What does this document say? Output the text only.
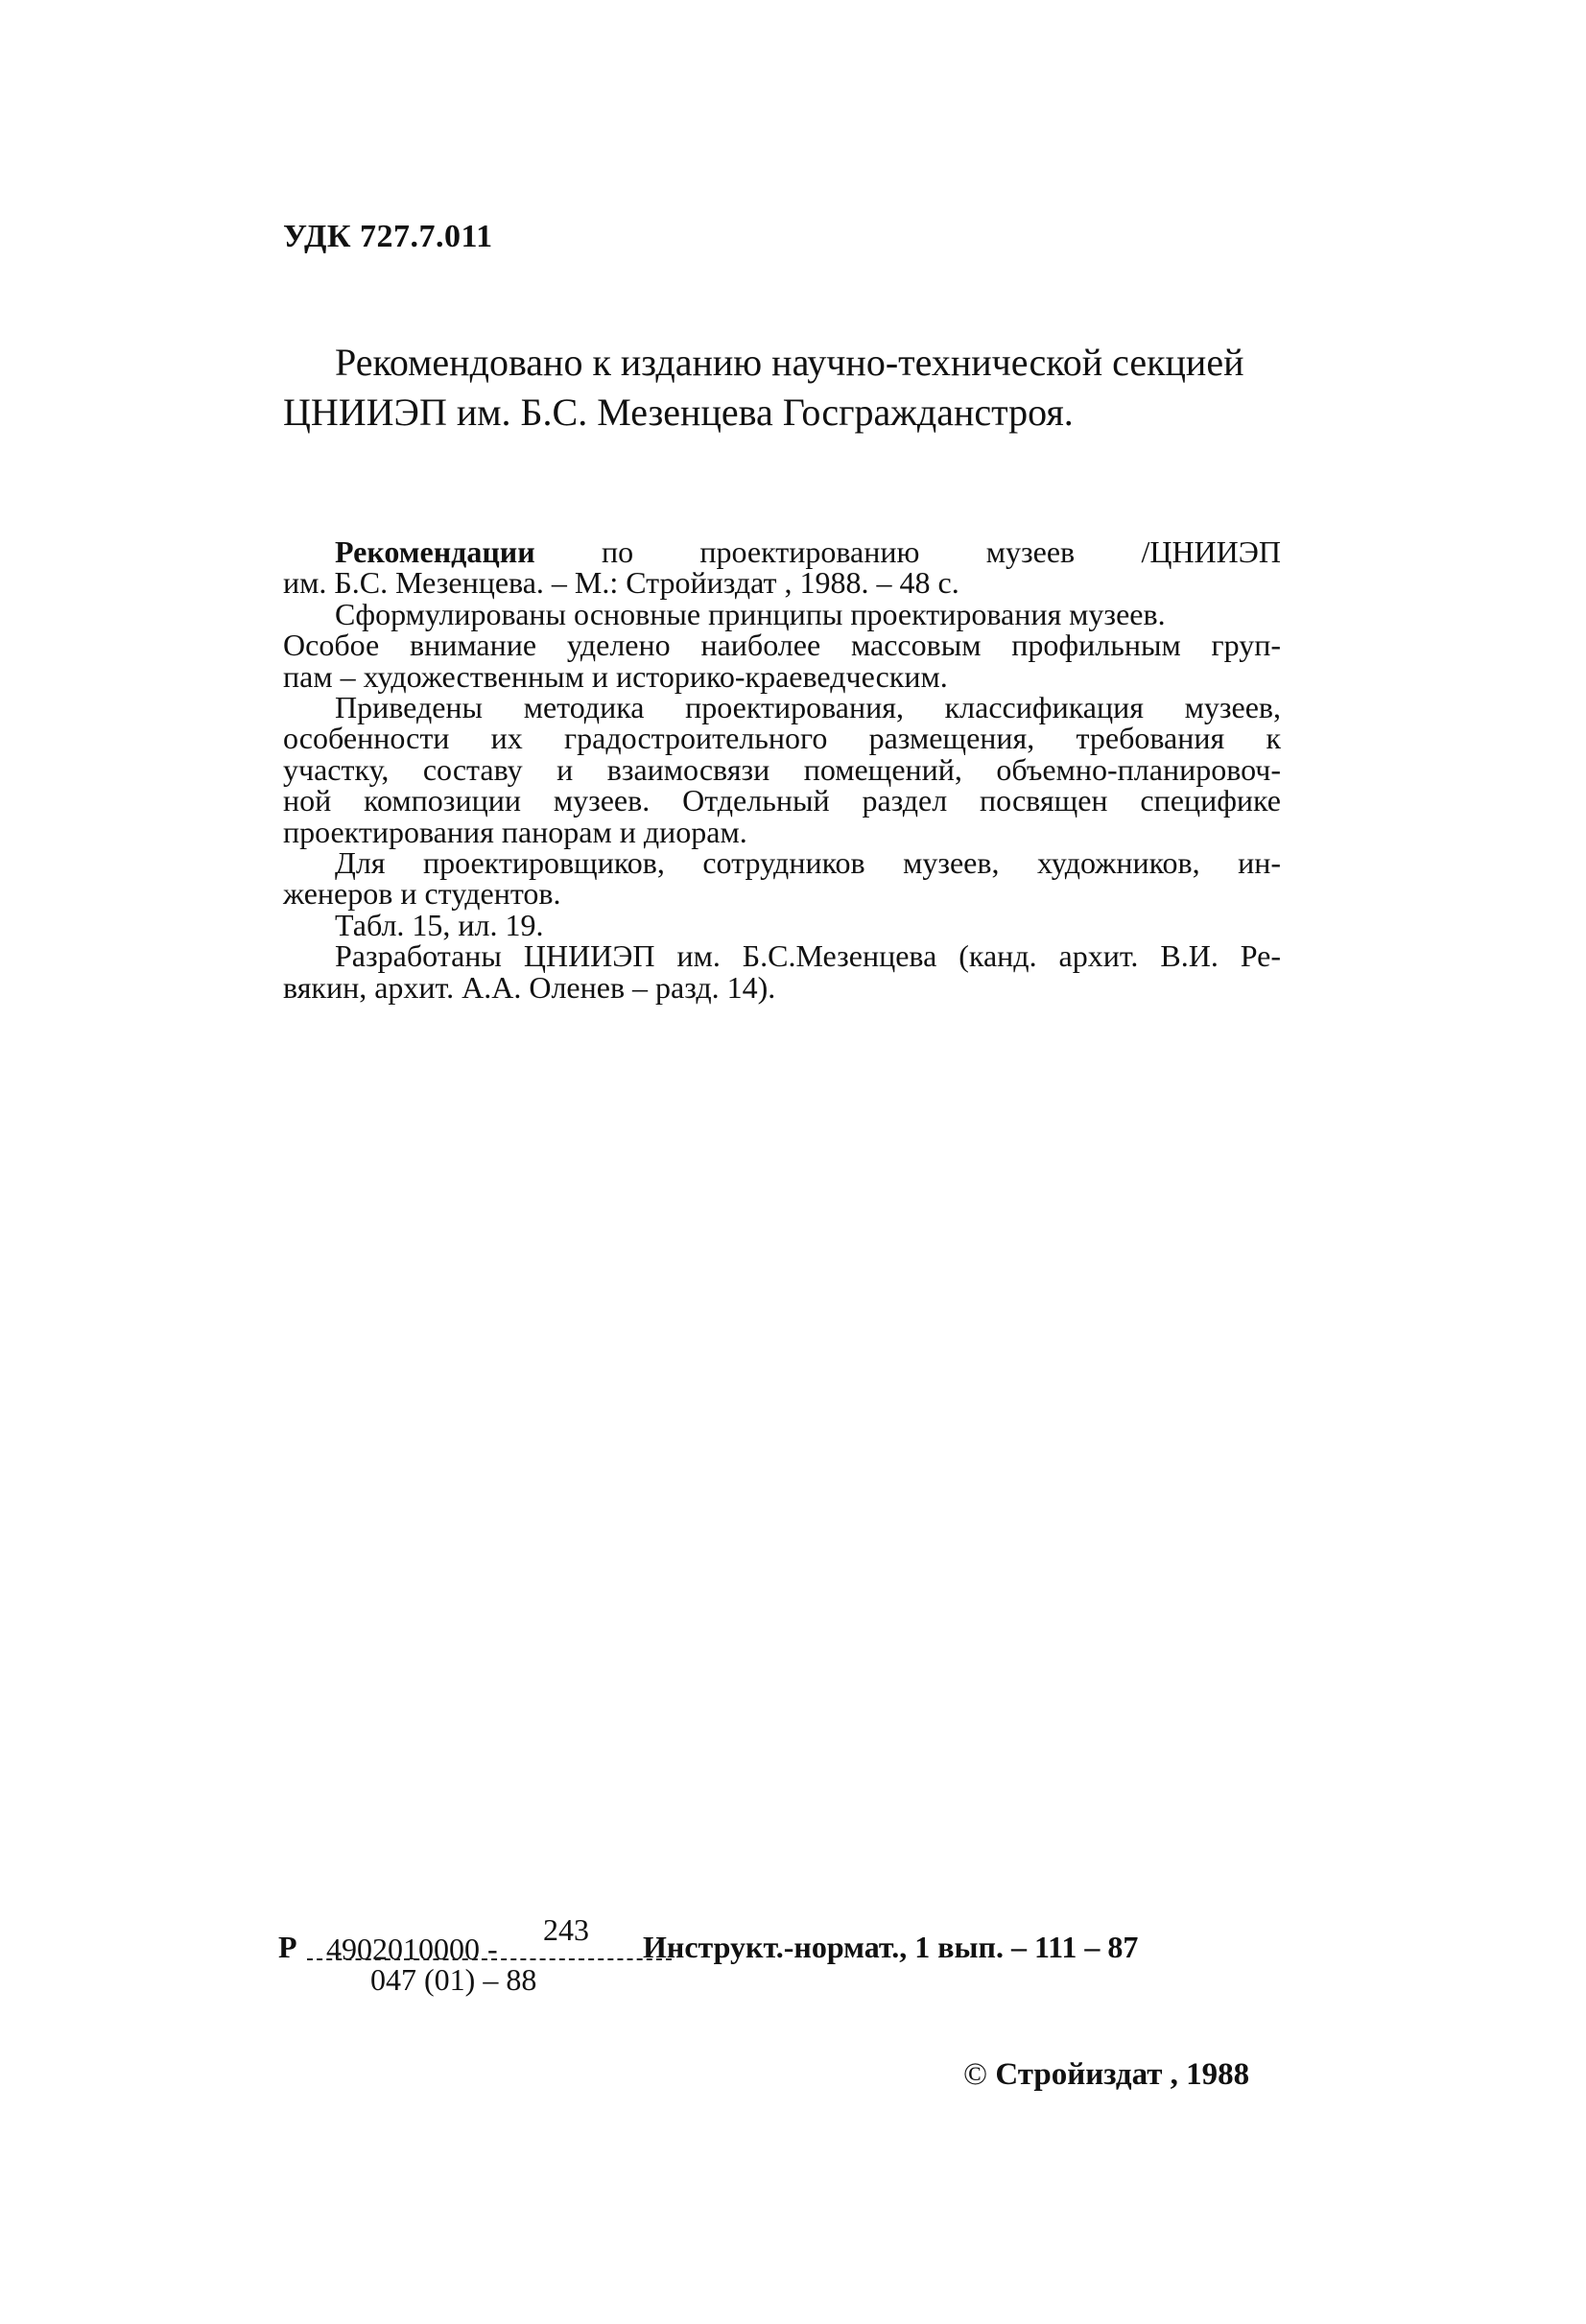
УДК 727.7.011
Рекомендовано к изданию научно-технической секцией
ЦНИИЭП им. Б.С. Мезенцева Госгражданстроя.
Рекомендации по проектированию музеев /ЦНИИЭП
им. Б.С. Мезенцева. – М.: Стройиздат , 1988. – 48 с.
Сформулированы основные принципы проектирования музеев.
Особое внимание уделено наиболее массовым профильным груп-
пам – художественным и историко-краеведческим.
Приведены методика проектирования, классификация музеев,
особенности их градостроительного размещения, требования к
участку, составу и взаимосвязи помещений, объемно-планировоч-
ной композиции музеев. Отдельный раздел посвящен специфике
проектирования панорам и диорам.
Для проектировщиков, сотрудников музеев, художников, ин-
женеров и студентов.
Табл. 15, ил. 19.
Разработаны ЦНИИЭП им. Б.С.Мезенцева (канд. архит. В.И. Ре-
вякин, архит. А.А. Оленев – разд. 14).
Р	243
4902010000 -
047 (01) – 88
Инструкт.-нормат., 1 вып. – 111 – 87
© Стройиздат , 1988
